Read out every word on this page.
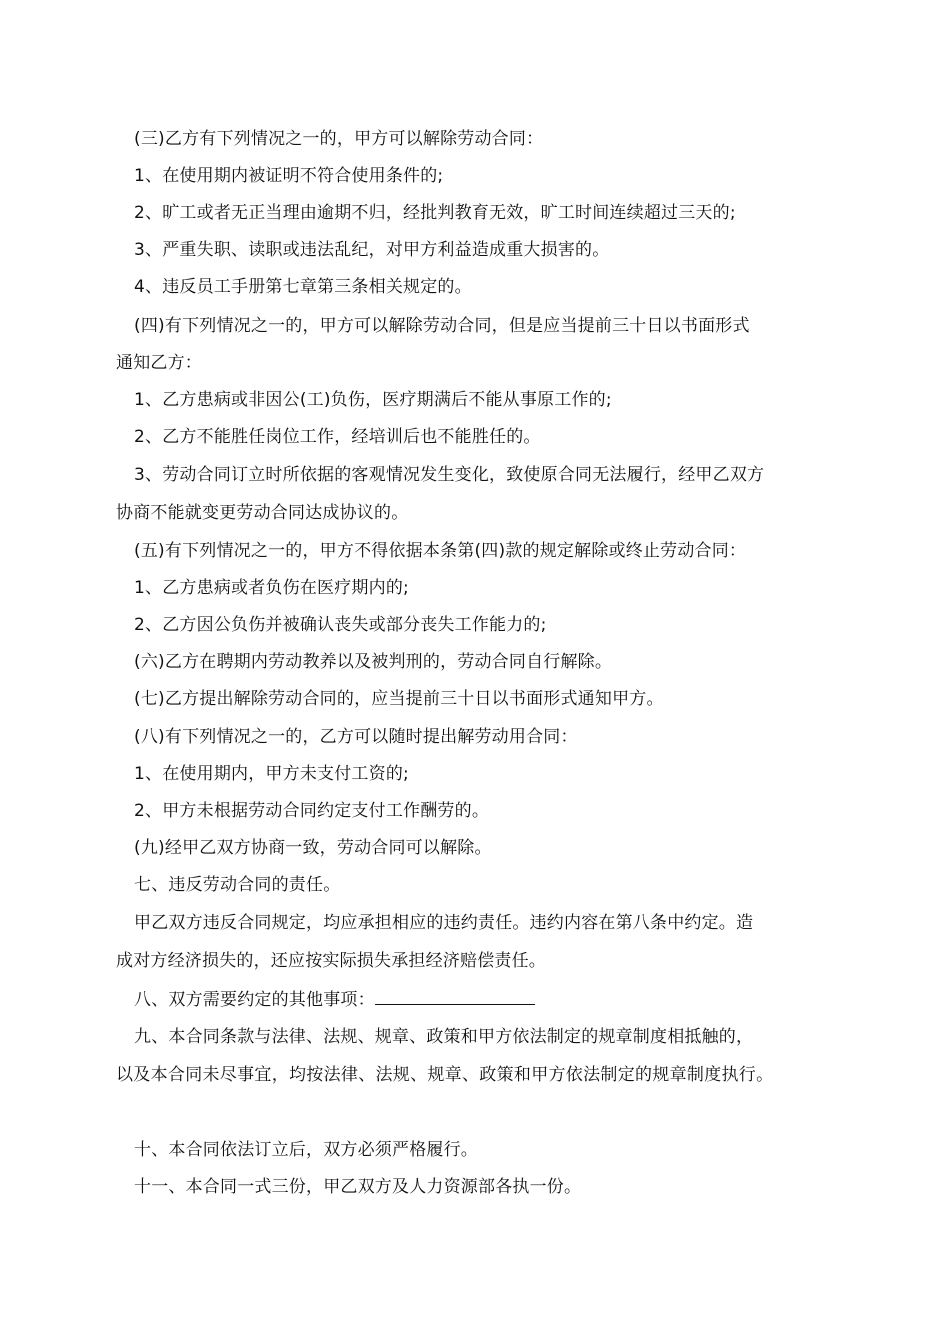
(三)乙方有下列情况之一的，甲方可以解除劳动合同：
1、在使用期内被证明不符合使用条件的;
2、旷工或者无正当理由逾期不归，经批判教育无效，旷工时间连续超过三天的;
3、严重失职、读职或违法乱纪，对甲方利益造成重大损害的。
4、违反员工手册第七章第三条相关规定的。
(四)有下列情况之一的，甲方可以解除劳动合同，但是应当提前三十日以书面形式
通知乙方：
1、乙方患病或非因公(工)负伤，医疗期满后不能从事原工作的;
2、乙方不能胜任岗位工作，经培训后也不能胜任的。
3、劳动合同订立时所依据的客观情况发生变化，致使原合同无法履行，经甲乙双方
协商不能就变更劳动合同达成协议的。
(五)有下列情况之一的，甲方不得依据本条第(四)款的规定解除或终止劳动合同：
1、乙方患病或者负伤在医疗期内的;
2、乙方因公负伤并被确认丧失或部分丧失工作能力的;
(六)乙方在聘期内劳动教养以及被判刑的，劳动合同自行解除。
(七)乙方提出解除劳动合同的，应当提前三十日以书面形式通知甲方。
(八)有下列情况之一的，乙方可以随时提出解劳动用合同：
1、在使用期内，甲方未支付工资的;
2、甲方未根据劳动合同约定支付工作酬劳的。
(九)经甲乙双方协商一致，劳动合同可以解除。
七、违反劳动合同的责任。
甲乙双方违反合同规定，均应承担相应的违约责任。违约内容在第八条中约定。造
成对方经济损失的，还应按实际损失承担经济赔偿责任。
八、双方需要约定的其他事项：
九、本合同条款与法律、法规、规章、政策和甲方依法制定的规章制度相抵触的，
以及本合同未尽事宜，均按法律、法规、规章、政策和甲方依法制定的规章制度执行。
十、本合同依法订立后，双方必须严格履行。
十一、本合同一式三份，甲乙双方及人力资源部各执一份。
